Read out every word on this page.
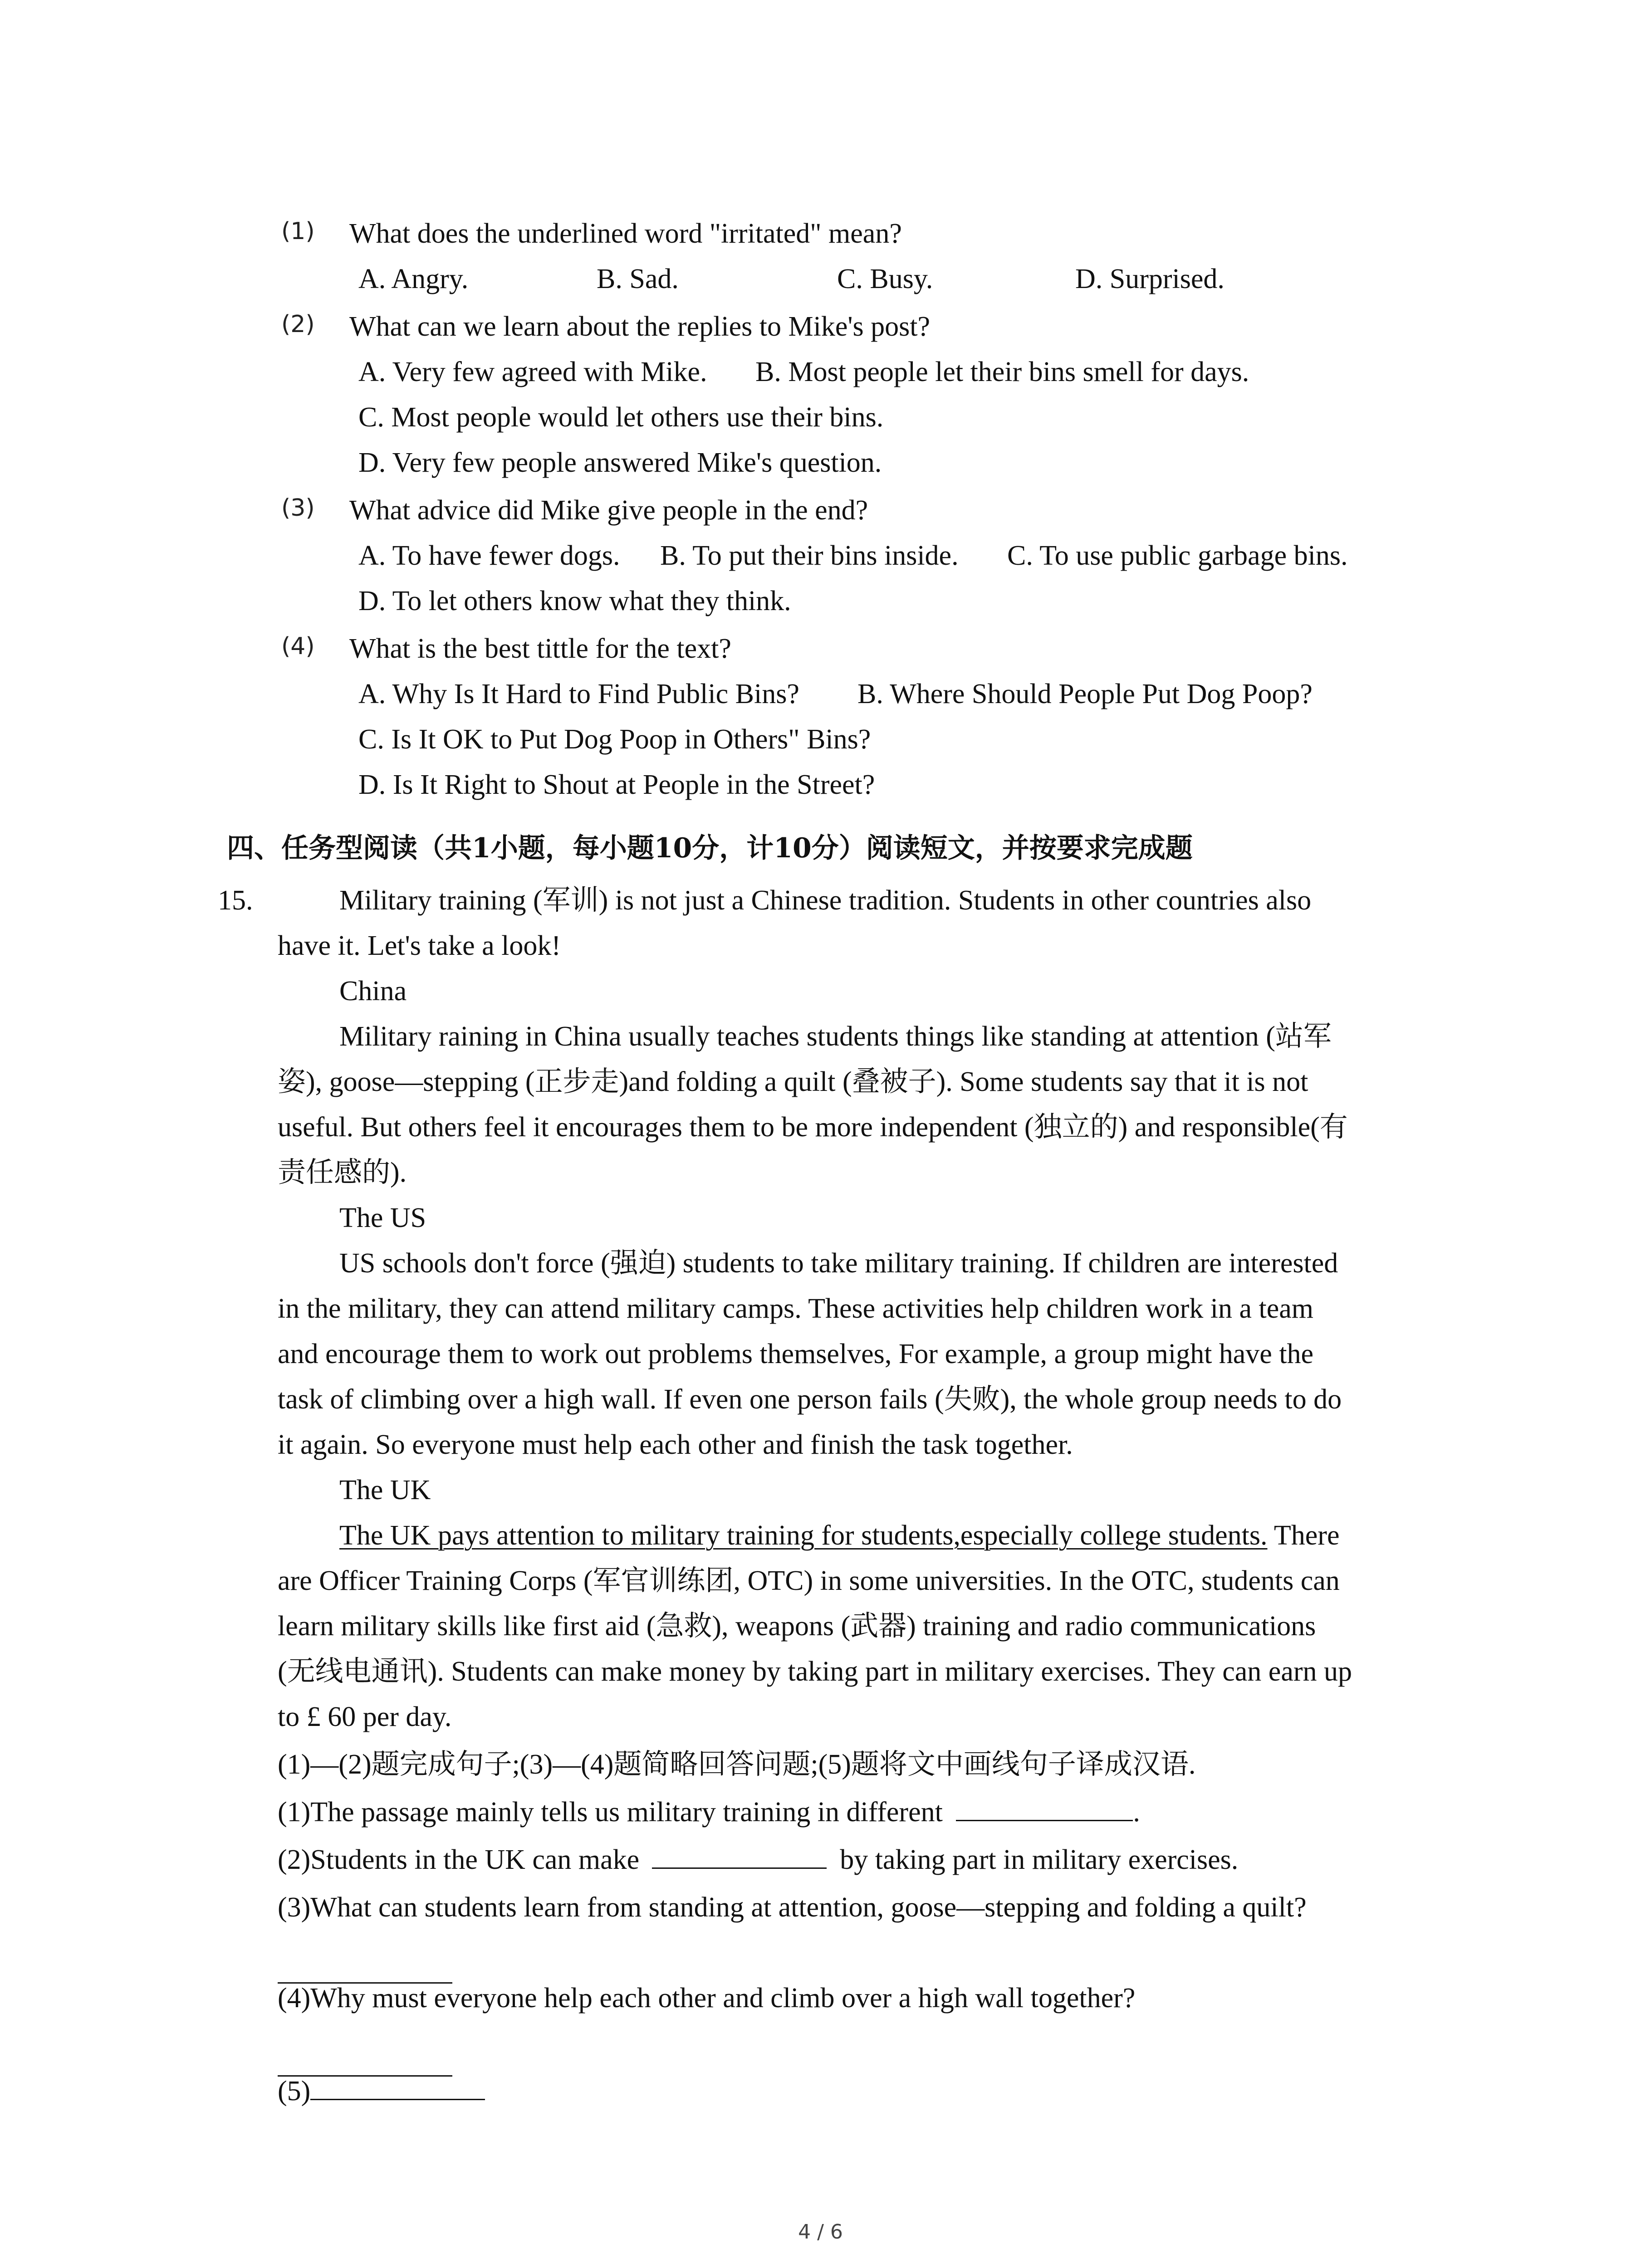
(1) What does the underlined word "irritated" mean?
A. Angry.	B. Sad.	C. Busy.	D. Surprised.
(2) What can we learn about the replies to Mike's post?
A. Very few agreed with Mike. B. Most people let their bins smell for days.
C. Most people would let others use their bins.
D. Very few people answered Mike's question.
(3) What advice did Mike give people in the end?
A. To have fewer dogs. B. To put their bins inside. C. To use public garbage bins.
D. To let others know what they think.
(4) What is the best tittle for the text?
A. Why Is It Hard to Find Public Bins? B. Where Should People Put Dog Poop?
C. Is It OK to Put Dog Poop in Others" Bins?
D. Is It Right to Shout at People in the Street?
四、任务型阅读（共1小题，每小题10分，计10分）阅读短文，并按要求完成题
15.	Military training (军训) is not just a Chinese tradition. Students in other countries also
have it. Let's take a look!
China
Military raining in China usually teaches students things like standing at attention (站军
姿), goose—stepping (正步走)and folding a quilt (叠被子). Some students say that it is not
useful. But others feel it encourages them to be more independent (独立的) and responsible(有
责任感的).
The US
US schools don't force (强迫) students to take military training. If children are interested
in the military, they can attend military camps. These activities help children work in a team
and encourage them to work out problems themselves, For example, a group might have the
task of climbing over a high wall. If even one person fails (失败), the whole group needs to do
it again. So everyone must help each other and finish the task together.
The UK
The UK pays attention to military training for students,especially college students. There
are Officer Training Corps (军官训练团, OTC) in some universities. In the OTC, students can
learn military skills like first aid (急救), weapons (武器) training and radio communications
(无线电通讯). Students can make money by taking part in military exercises. They can earn up
to £ 60 per day.
(1)—(2)题完成句子;(3)—(4)题简略回答问题;(5)题将文中画线句子译成汉语.
(1)The passage mainly tells us military training in different	.
(2)Students in the UK can make	by taking part in military exercises.
(3)What can students learn from standing at attention, goose—stepping and folding a quilt?
(4)Why must everyone help each other and climb over a high wall together?
(5)
4 / 6
